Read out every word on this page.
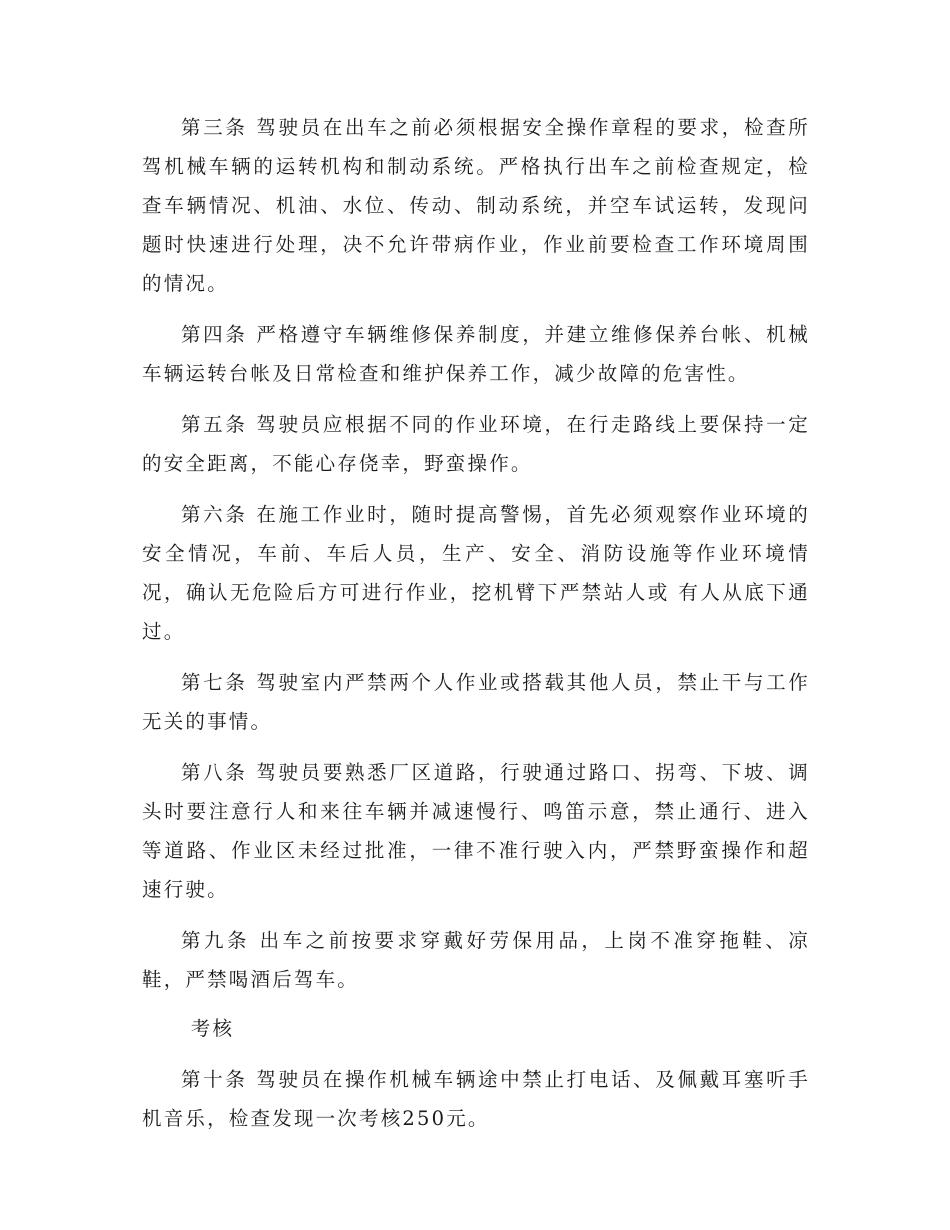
第三条 驾驶员在出车之前必须根据安全操作章程的要求，检查所驾机械车辆的运转机构和制动系统。严格执行出车之前检查规定，检查车辆情况、机油、水位、传动、制动系统，并空车试运转，发现问题时快速进行处理，决不允许带病作业，作业前要检查工作环境周围的情况。

第四条 严格遵守车辆维修保养制度，并建立维修保养台帐、机械车辆运转台帐及日常检查和维护保养工作，减少故障的危害性。

第五条 驾驶员应根据不同的作业环境，在行走路线上要保持一定的安全距离，不能心存侥幸，野蛮操作。

第六条 在施工作业时，随时提高警惕，首先必须观察作业环境的安全情况，车前、车后人员，生产、安全、消防设施等作业环境情况，确认无危险后方可进行作业，挖机臂下严禁站人或 有人从底下通过。

第七条 驾驶室内严禁两个人作业或搭载其他人员，禁止干与工作无关的事情。

第八条 驾驶员要熟悉厂区道路，行驶通过路口、拐弯、下坡、调头时要注意行人和来往车辆并减速慢行、鸣笛示意，禁止通行、进入等道路、作业区未经过批准，一律不准行驶入内，严禁野蛮操作和超速行驶。

第九条 出车之前按要求穿戴好劳保用品，上岗不准穿拖鞋、凉鞋，严禁喝酒后驾车。

考核

第十条 驾驶员在操作机械车辆途中禁止打电话、及佩戴耳塞听手机音乐，检查发现一次考核250元。
